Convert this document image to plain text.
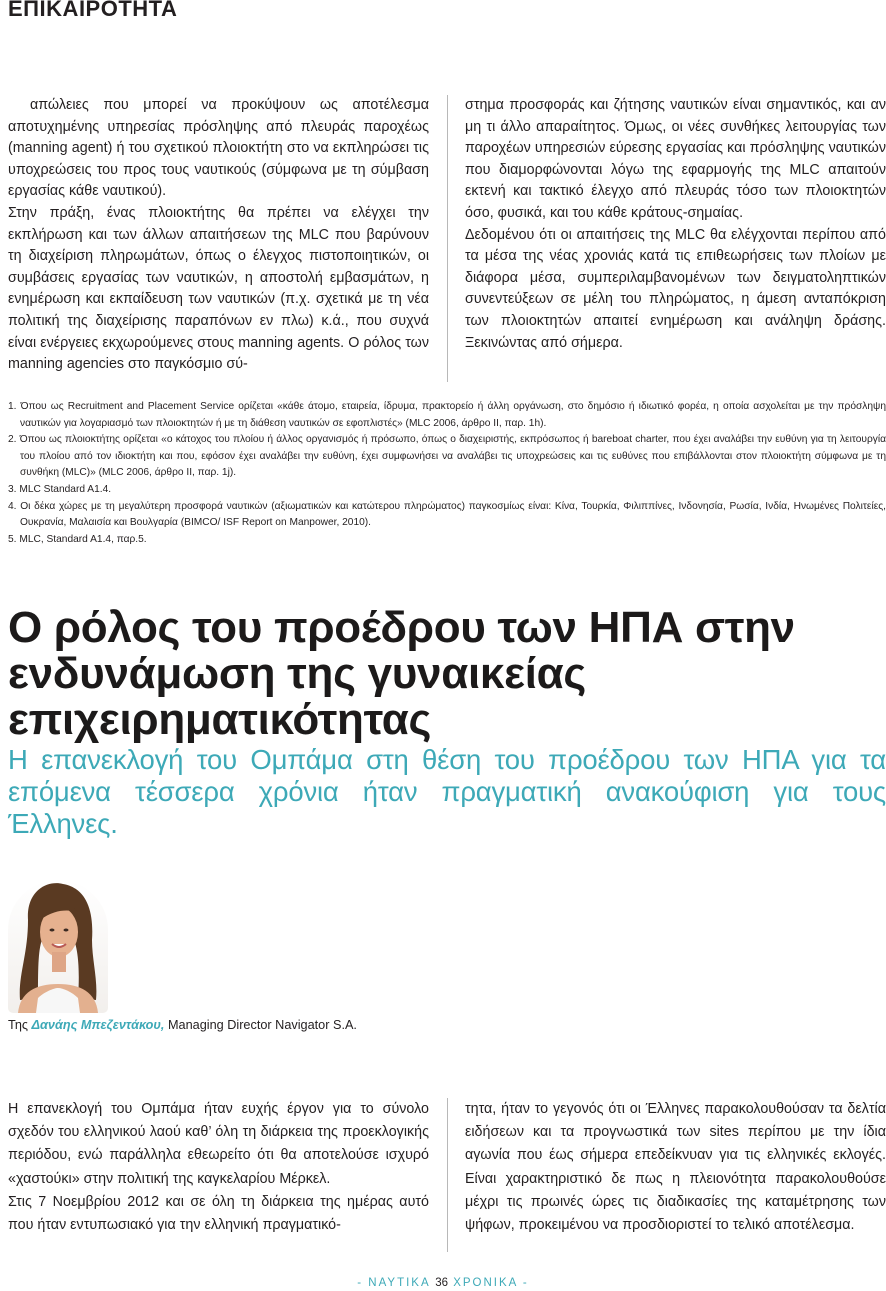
ΕΠΙΚΑΙΡΟΤΗΤΑ

απώλειες που μπορεί να προκύψουν ως αποτέλεσμα αποτυχημένης υπηρεσίας πρόσληψης από πλευράς παροχέως (manning agent) ή του σχετικού πλοιοκτήτη στο να εκπληρώσει τις υποχρεώσεις του προς τους ναυτικούς (σύμφωνα με τη σύμβαση εργασίας κάθε ναυτικού).

Στην πράξη, ένας πλοιοκτήτης θα πρέπει να ελέγχει την εκπλήρωση και των άλλων απαιτήσεων της MLC που βαρύνουν τη διαχείριση πληρωμάτων, όπως ο έλεγχος πιστοποιητικών, οι συμβάσεις εργασίας των ναυτικών, η αποστολή εμβασμάτων, η ενημέρωση και εκπαίδευση των ναυτικών (π.χ. σχετικά με τη νέα πολιτική της διαχείρισης παραπόνων εν πλω) κ.ά., που συχνά είναι ενέργειες εκχωρούμενες στους manning agents. Ο ρόλος των manning agencies στο παγκόσμιο σύ-

στημα προσφοράς και ζήτησης ναυτικών είναι σημαντικός, και αν μη τι άλλο απαραίτητος. Όμως, οι νέες συνθήκες λειτουργίας των παροχέων υπηρεσιών εύρεσης εργασίας και πρόσληψης ναυτικών που διαμορφώνονται λόγω της εφαρμογής της MLC απαιτούν εκτενή και τακτικό έλεγχο από πλευράς τόσο των πλοιοκτητών όσο, φυσικά, και του κάθε κράτους-σημαίας.

Δεδομένου ότι οι απαιτήσεις της MLC θα ελέγχονται περίπου από τα μέσα της νέας χρονιάς κατά τις επιθεωρήσεις των πλοίων με διάφορα μέσα, συμπεριλαμβανομένων των δειγματοληπτικών συνεντεύξεων σε μέλη του πληρώματος, η άμεση ανταπόκριση των πλοιοκτητών απαιτεί ενημέρωση και ανάληψη δράσης. Ξεκινώντας από σήμερα.

1. Όπου ως Recruitment and Placement Service ορίζεται «κάθε άτομο, εταιρεία, ίδρυμα, πρακτορείο ή άλλη οργάνωση, στο δημόσιο ή ιδιωτικό φορέα, η οποία ασχολείται με την πρόσληψη ναυτικών για λογαριασμό των πλοιοκτητών ή με τη διάθεση ναυτικών σε εφοπλιστές» (MLC 2006, άρθρο II, παρ. 1h).

2. Όπου ως πλοιοκτήτης ορίζεται «ο κάτοχος του πλοίου ή άλλος οργανισμός ή πρόσωπο, όπως ο διαχειριστής, εκπρόσωπος ή bareboat charter, που έχει αναλάβει την ευθύνη για τη λειτουργία του πλοίου από τον ιδιοκτήτη και που, εφόσον έχει αναλάβει την ευθύνη, έχει συμφωνήσει να αναλάβει τις υποχρεώσεις και τις ευθύνες που επιβάλλονται στον πλοιοκτήτη σύμφωνα με τη συνθήκη (MLC)» (MLC 2006, άρθρο II, παρ. 1j).

3. MLC Standard A1.4.

4. Οι δέκα χώρες με τη μεγαλύτερη προσφορά ναυτικών (αξιωματικών και κατώτερου πληρώματος) παγκοσμίως είναι: Κίνα, Τουρκία, Φιλιππίνες, Ινδονησία, Ρωσία, Ινδία, Ηνωμένες Πολιτείες, Ουκρανία, Μαλαισία και Βουλγαρία (BIMCO/ ISF Report on Manpower, 2010).

5. MLC, Standard A1.4, παρ.5.

Ο ρόλος του προέδρου των ΗΠΑ στην ενδυνάμωση της γυναικείας επιχειρηματικότητας

Η επανεκλογή του Ομπάμα στη θέση του προέδρου των ΗΠΑ για τα επόμενα τέσσερα χρόνια ήταν πραγματική ανακούφιση για τους Έλληνες.

Της Δανάης Μπεζεντάκου, Managing Director Navigator S.A.

Η επανεκλογή του Ομπάμα ήταν ευχής έργον για το σύνολο σχεδόν του ελληνικού λαού καθ’ όλη τη διάρκεια της προεκλογικής περιόδου, ενώ παράλληλα εθεωρείτο ότι θα αποτελούσε ισχυρό «χαστούκι» στην πολιτική της καγκελαρίου Μέρκελ.

Στις 7 Νοεμβρίου 2012 και σε όλη τη διάρκεια της ημέρας αυτό που ήταν εντυπωσιακό για την ελληνική πραγματικό-

τητα, ήταν το γεγονός ότι οι Έλληνες παρακολουθούσαν τα δελτία ειδήσεων και τα προγνωστικά των sites περίπου με την ίδια αγωνία που έως σήμερα επεδείκνυαν για τις ελληνικές εκλογές. Είναι χαρακτηριστικό δε πως η πλειονότητα παρακολουθούσε μέχρι τις πρωινές ώρες τις διαδικασίες της καταμέτρησης των ψήφων, προκειμένου να προσδιοριστεί το τελικό αποτέλεσμα.

- ΝΑΥΤΙΚΑ 36 ΧΡΟΝΙΚΑ -
